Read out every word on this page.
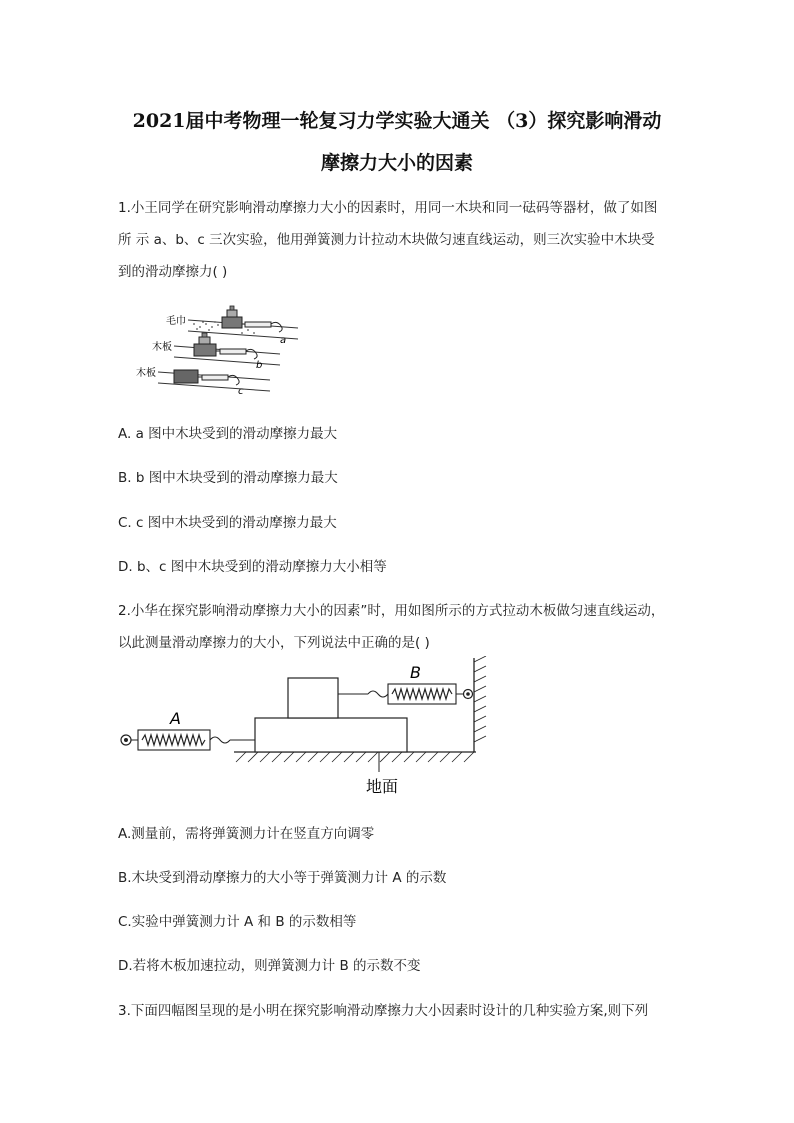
2021届中考物理一轮复习力学实验大通关 （3）探究影响滑动
摩擦力大小的因素
1.小王同学在研究影响滑动摩擦力大小的因素时，用同一木块和同一砝码等器材，做了如图
所 示 a、b、c 三次实验，他用弹簧测力计拉动木块做匀速直线运动，则三次实验中木块受
到的滑动摩擦力( )
毛巾
木板
木板
a
b
c
A. a 图中木块受到的滑动摩擦力最大
B. b 图中木块受到的滑动摩擦力最大
C. c 图中木块受到的滑动摩擦力最大
D. b、c 图中木块受到的滑动摩擦力大小相等
2.小华在探究影响滑动摩擦力大小的因素”时，用如图所示的方式拉动木板做匀速直线运动，
以此测量滑动摩擦力的大小，下列说法中正确的是( )
B
A
地面
A.测量前，需将弹簧测力计在竖直方向调零
B.木块受到滑动摩擦力的大小等于弹簧测力计 A 的示数
C.实验中弹簧测力计 A 和 B 的示数相等
D.若将木板加速拉动，则弹簧测力计 B 的示数不变
3.下面四幅图呈现的是小明在探究影响滑动摩擦力大小因素时设计的几种实验方案,则下列
